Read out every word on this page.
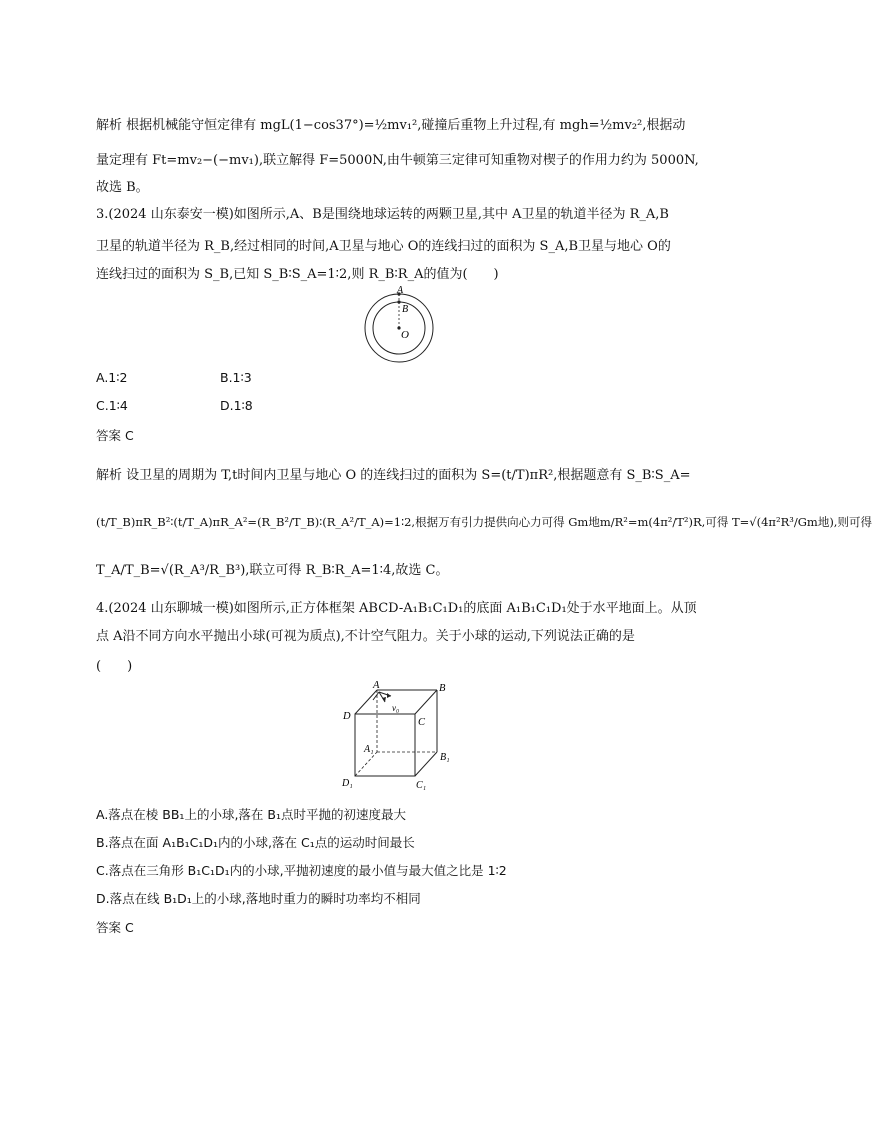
解析 根据机械能守恒定律有 mgL(1−cos37°)=½mv₁²,碰撞后重物上升过程,有 mgh=½mv₂²,根据动
量定理有 Ft=mv₂−(−mv₁),联立解得 F=5000N,由牛顿第三定律可知重物对楔子的作用力约为 5000N,
故选 B。
3.(2024 山东泰安一模)如图所示,A、B是围绕地球运转的两颗卫星,其中 A卫星的轨道半径为 R_A,B
卫星的轨道半径为 R_B,经过相同的时间,A卫星与地心 O的连线扫过的面积为 S_A,B卫星与地心 O的
连线扫过的面积为 S_B,已知 S_B∶S_A=1∶2,则 R_B∶R_A的值为(　　)
A
B
O
A.1∶2	B.1∶3
C.1∶4	D.1∶8
答案 C
解析 设卫星的周期为 T,t时间内卫星与地心 O 的连线扫过的面积为 S=(t/T)πR²,根据题意有 S_B∶S_A=
(t/T_B)πR_B²∶(t/T_A)πR_A²=(R_B²/T_B)∶(R_A²/T_A)=1∶2,根据万有引力提供向心力可得 Gm地m/R²=m(4π²/T²)R,可得 T=√(4π²R³/Gm地),则可得
T_A/T_B=√(R_A³/R_B³),联立可得 R_B∶R_A=1∶4,故选 C。
4.(2024 山东聊城一模)如图所示,正方体框架 ABCD-A₁B₁C₁D₁的底面 A₁B₁C₁D₁处于水平地面上。从顶
点 A沿不同方向水平抛出小球(可视为质点),不计空气阻力。关于小球的运动,下列说法正确的是
(　　)
A	B
C
D
A₁
B₁
C₁
D₁
v₀
A.落点在棱 BB₁上的小球,落在 B₁点时平抛的初速度最大
B.落点在面 A₁B₁C₁D₁内的小球,落在 C₁点的运动时间最长
C.落点在三角形 B₁C₁D₁内的小球,平抛初速度的最小值与最大值之比是 1∶2
D.落点在线 B₁D₁上的小球,落地时重力的瞬时功率均不相同
答案 C
